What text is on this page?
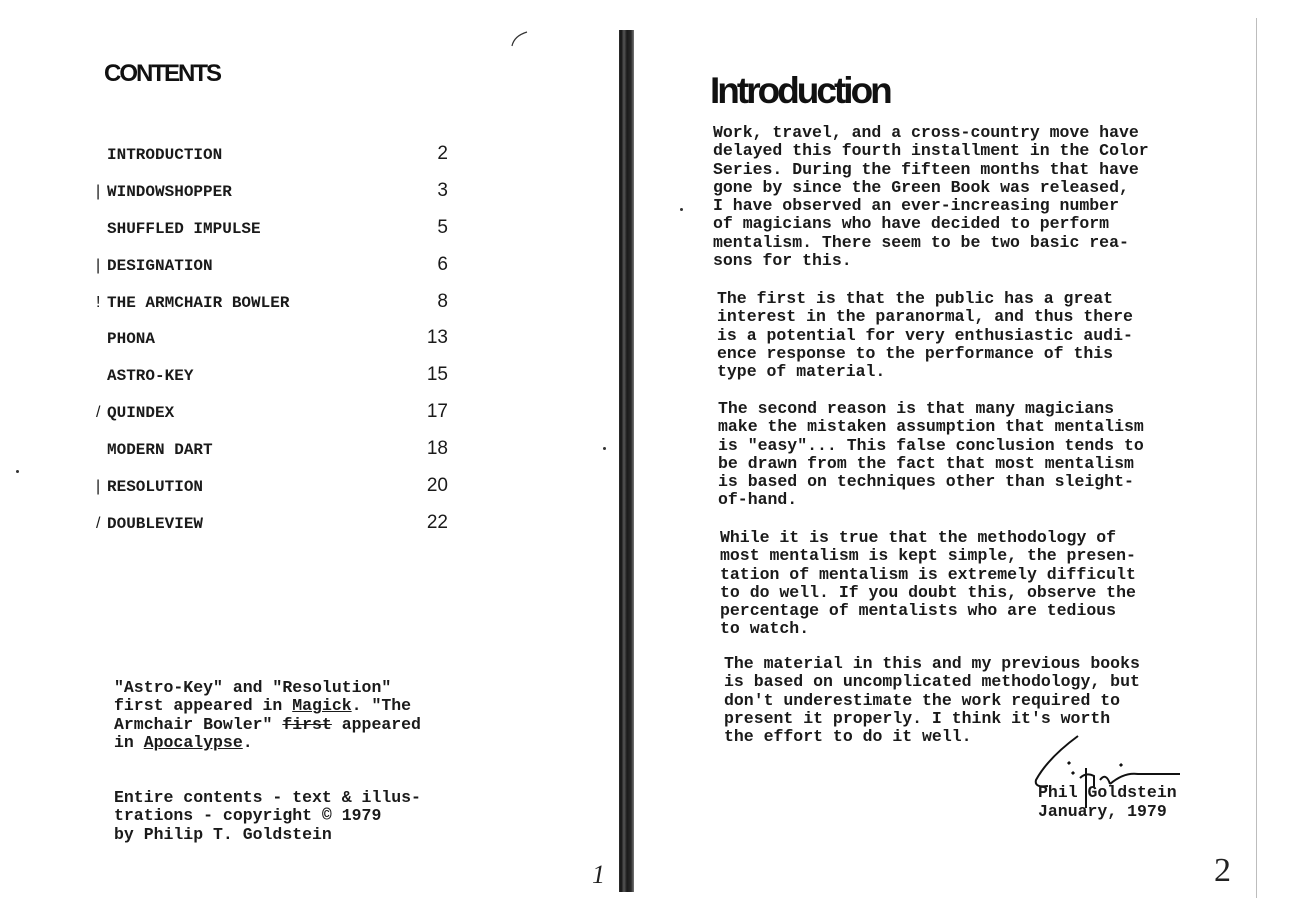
CONTENTS
INTRODUCTION	2
| WINDOWSHOPPER	3
SHUFFLED IMPULSE	5
| DESIGNATION	6
! THE ARMCHAIR BOWLER	8
PHONA	13
ASTRO-KEY	15
/ QUINDEX	17
MODERN DART	18
| RESOLUTION	20
/ DOUBLEVIEW	22
"Astro-Key" and "Resolution"
first appeared in Magick. "The
Armchair Bowler" first appeared
in Apocalypse.
Entire contents - text & illus-
trations - copyright © 1979
by Philip T. Goldstein
1
Introduction
Work, travel, and a cross-country move have
delayed this fourth installment in the Color
Series. During the fifteen months that have
gone by since the Green Book was released,
I have observed an ever-increasing number
of magicians who have decided to perform
mentalism. There seem to be two basic rea-
sons for this.
The first is that the public has a great
interest in the paranormal, and thus there
is a potential for very enthusiastic audi-
ence response to the performance of this
type of material.
The second reason is that many magicians
make the mistaken assumption that mentalism
is "easy"... This false conclusion tends to
be drawn from the fact that most mentalism
is based on techniques other than sleight-
of-hand.
While it is true that the methodology of
most mentalism is kept simple, the presen-
tation of mentalism is extremely difficult
to do well. If you doubt this, observe the
percentage of mentalists who are tedious
to watch.
The material in this and my previous books
is based on uncomplicated methodology, but
don't underestimate the work required to
present it properly. I think it's worth
the effort to do it well.
Phil Goldstein
January, 1979
2
